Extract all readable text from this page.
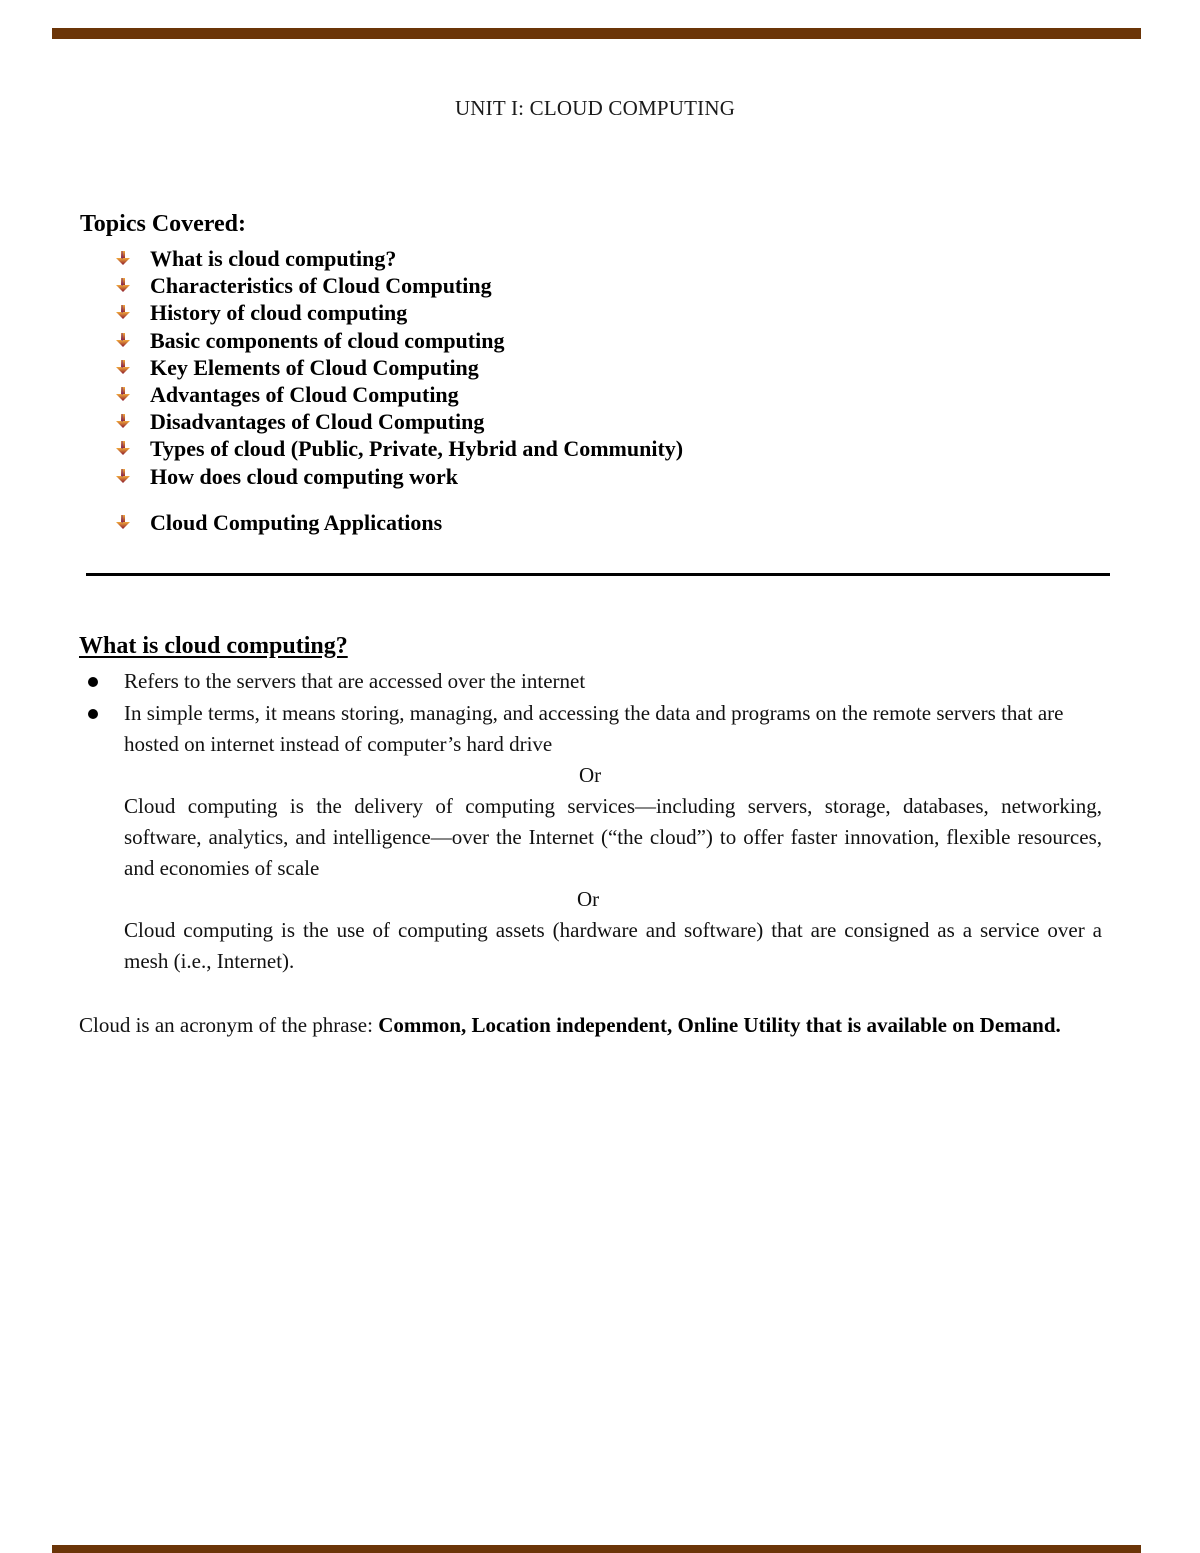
UNIT I: CLOUD COMPUTING
Topics Covered:
What is cloud computing?
Characteristics of Cloud Computing
History of cloud computing
Basic components of cloud computing
Key Elements of Cloud Computing
Advantages of Cloud Computing
Disadvantages of Cloud Computing
Types of cloud (Public, Private, Hybrid and Community)
How does cloud computing work
Cloud Computing Applications
What is cloud computing?
Refers to the servers that are accessed over the internet
In simple terms, it means storing, managing, and accessing the data and programs on the remote servers that are hosted on internet instead of computer’s hard drive
Or
Cloud computing is the delivery of computing services—including servers, storage, databases, networking, software, analytics, and intelligence—over the Internet (“the cloud”) to offer faster innovation, flexible resources, and economies of scale
Or
Cloud computing is the use of computing assets (hardware and software) that are consigned as a service over a mesh (i.e., Internet).
Cloud is an acronym of the phrase: Common, Location independent, Online Utility that is available on Demand.
